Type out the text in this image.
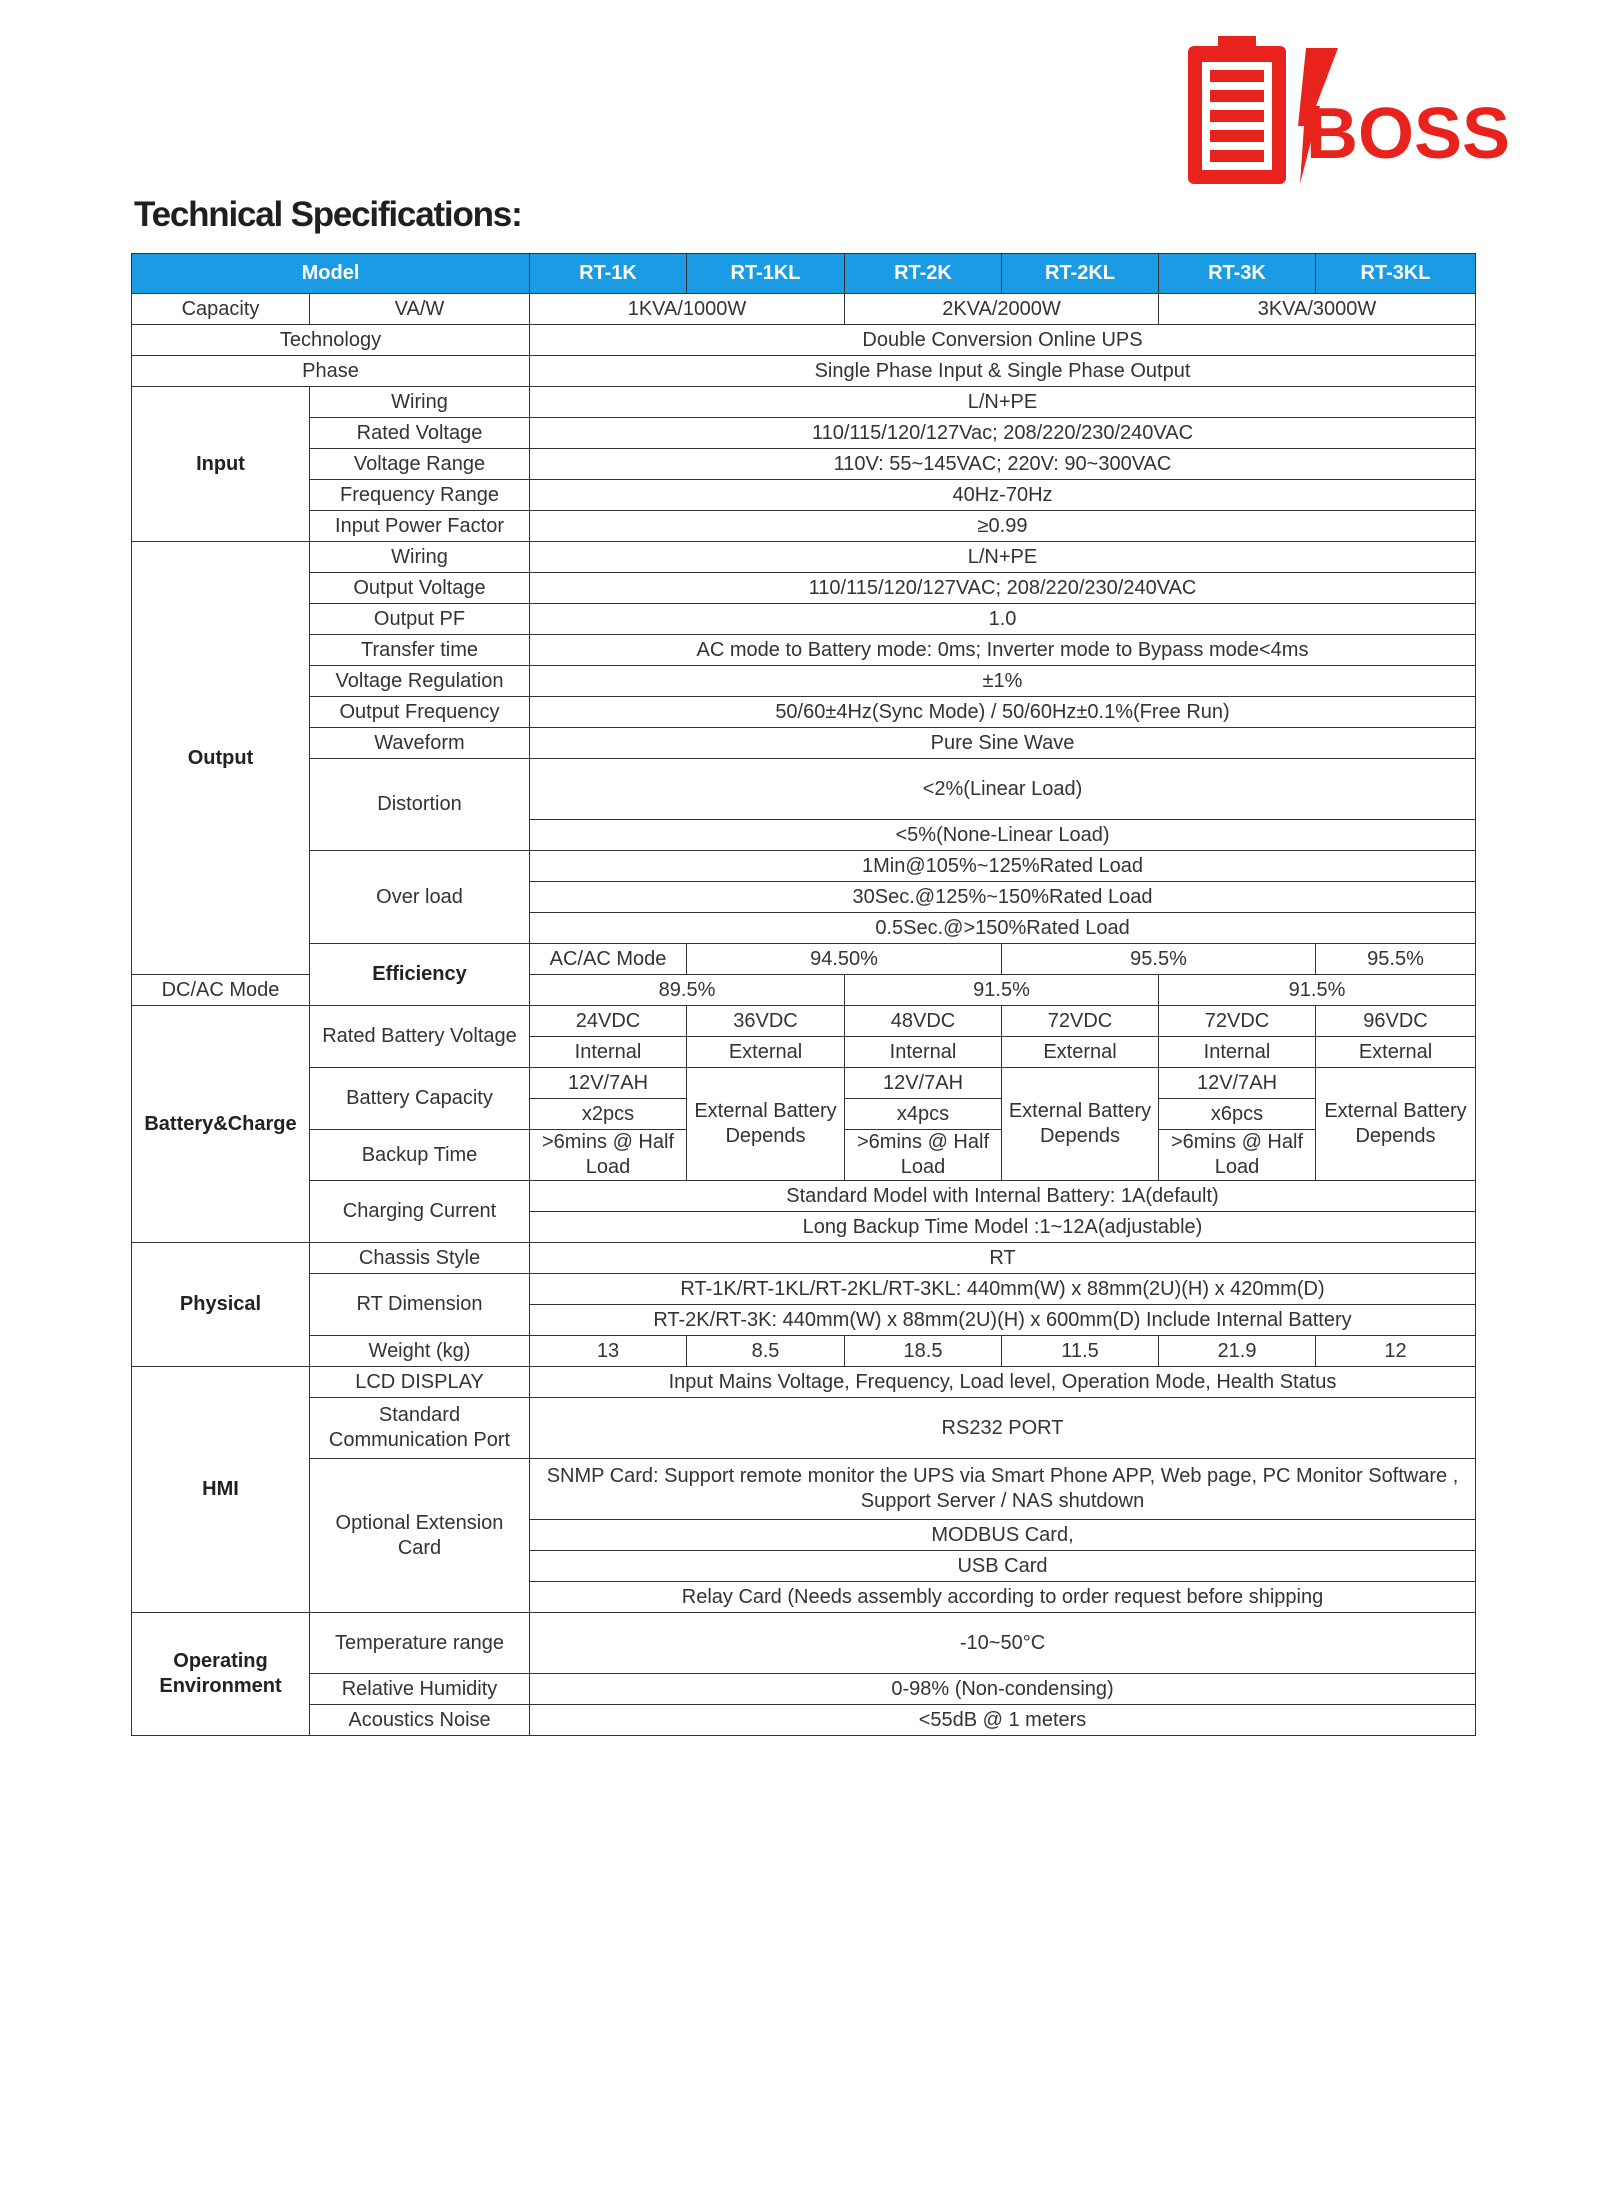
BOSS
Technical Specifications:
Model		RT-1K	RT-1KL	RT-2K	RT-2KL	RT-3K	RT-3KL
Capacity	VA/W	1KVA/1000W		2KVA/2000W		3KVA/3000W	
Technology		Double Conversion Online UPS					
Phase		Single Phase Input & Single Phase Output					
Input	Wiring	L/N+PE					
	Rated Voltage	110/115/120/127Vac; 208/220/230/240VAC					
	Voltage Range	110V: 55~145VAC; 220V: 90~300VAC					
	Frequency Range	40Hz-70Hz					
	Input Power Factor	≥0.99					
Output	Wiring	L/N+PE					
	Output Voltage	110/115/120/127VAC; 208/220/230/240VAC					
	Output PF	1.0					
	Transfer time	AC mode to Battery mode: 0ms; Inverter mode to Bypass mode<4ms					
	Voltage Regulation	±1%					
	Output Frequency	50/60±4Hz(Sync Mode) / 50/60Hz±0.1%(Free Run)					
	Waveform	Pure Sine Wave					
	Distortion	<2%(Linear Load)					
		<5%(None-Linear Load)					
	Over load	1Min@105%~125%Rated Load					
		30Sec.@125%~150%Rated Load					
		0.5Sec.@>150%Rated Load					
	Efficiency	AC/AC Mode	94.50%		95.5%		95.5%
DC/AC Mode		89.5%		91.5%		91.5%	
Battery&Charge	Rated Battery Voltage	24VDC	36VDC	48VDC	72VDC	72VDC	96VDC
		Internal	External	Internal	External	Internal	External
	Battery Capacity	12V/7AH	External Battery Depends	12V/7AH	External Battery Depends	12V/7AH	External Battery Depends
		x2pcs		x4pcs		x6pcs	
	Backup Time	>6mins @ Half Load		>6mins @ Half Load		>6mins @ Half Load	

	Charging Current	Standard Model with Internal Battery: 1A(default)					
		Long Backup Time Model :1~12A(adjustable)					
Physical	Chassis Style	RT					
	RT Dimension	RT-1K/RT-1KL/RT-2KL/RT-3KL: 440mm(W) x 88mm(2U)(H) x 420mm(D)					
		RT-2K/RT-3K: 440mm(W) x 88mm(2U)(H) x 600mm(D) Include Internal Battery					
	Weight (kg)	13	8.5	18.5	11.5	21.9	12
HMI	LCD DISPLAY	Input Mains Voltage, Frequency, Load level, Operation Mode, Health Status					
	Standard Communication Port	RS232 PORT					
	Optional Extension Card	SNMP Card: Support remote monitor the UPS via Smart Phone APP, Web page, PC Monitor Software , Support Server / NAS shutdown					
		MODBUS Card,					
		USB Card					
		Relay Card (Needs assembly according to order request before shipping					
Operating Environment	Temperature range	-10~50°C					
	Relative Humidity	0-98% (Non-condensing)					
	Acoustics Noise	<55dB @ 1 meters					
